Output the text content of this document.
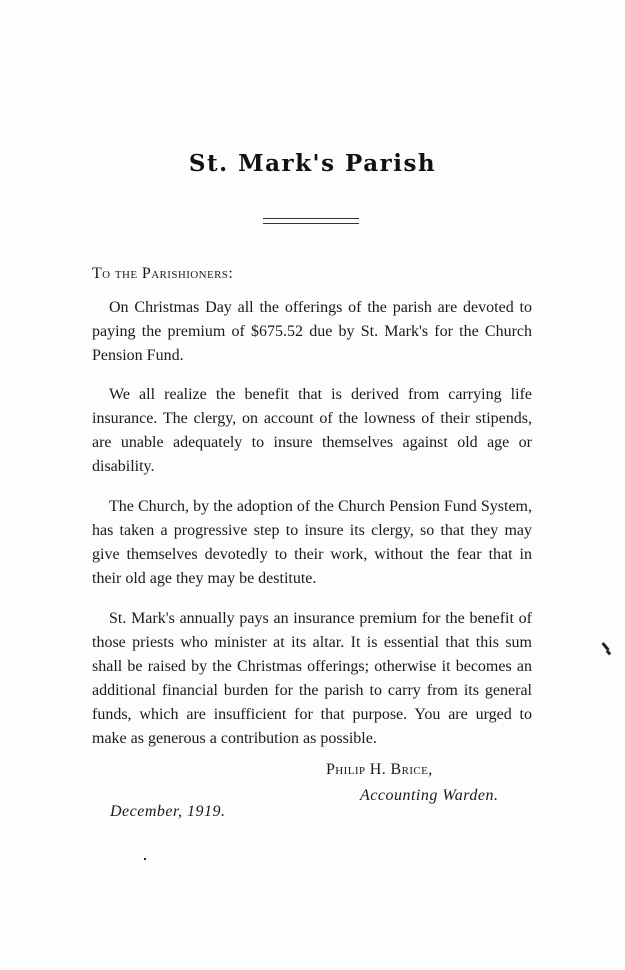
St. Mark's Parish
To the Parishioners:

On Christmas Day all the offerings of the parish are devoted to paying the premium of $675.52 due by St. Mark's for the Church Pension Fund.

We all realize the benefit that is derived from carrying life insurance. The clergy, on account of the lowness of their stipends, are unable adequately to insure themselves against old age or disability.

The Church, by the adoption of the Church Pension Fund System, has taken a progressive step to insure its clergy, so that they may give themselves devotedly to their work, without the fear that in their old age they may be destitute.

St. Mark's annually pays an insurance premium for the benefit of those priests who minister at its altar. It is essential that this sum shall be raised by the Christmas offerings; otherwise it becomes an additional financial burden for the parish to carry from its general funds, which are insufficient for that purpose. You are urged to make as generous a contribution as possible.

Philip H. Brice,
Accounting Warden.
December, 1919.
